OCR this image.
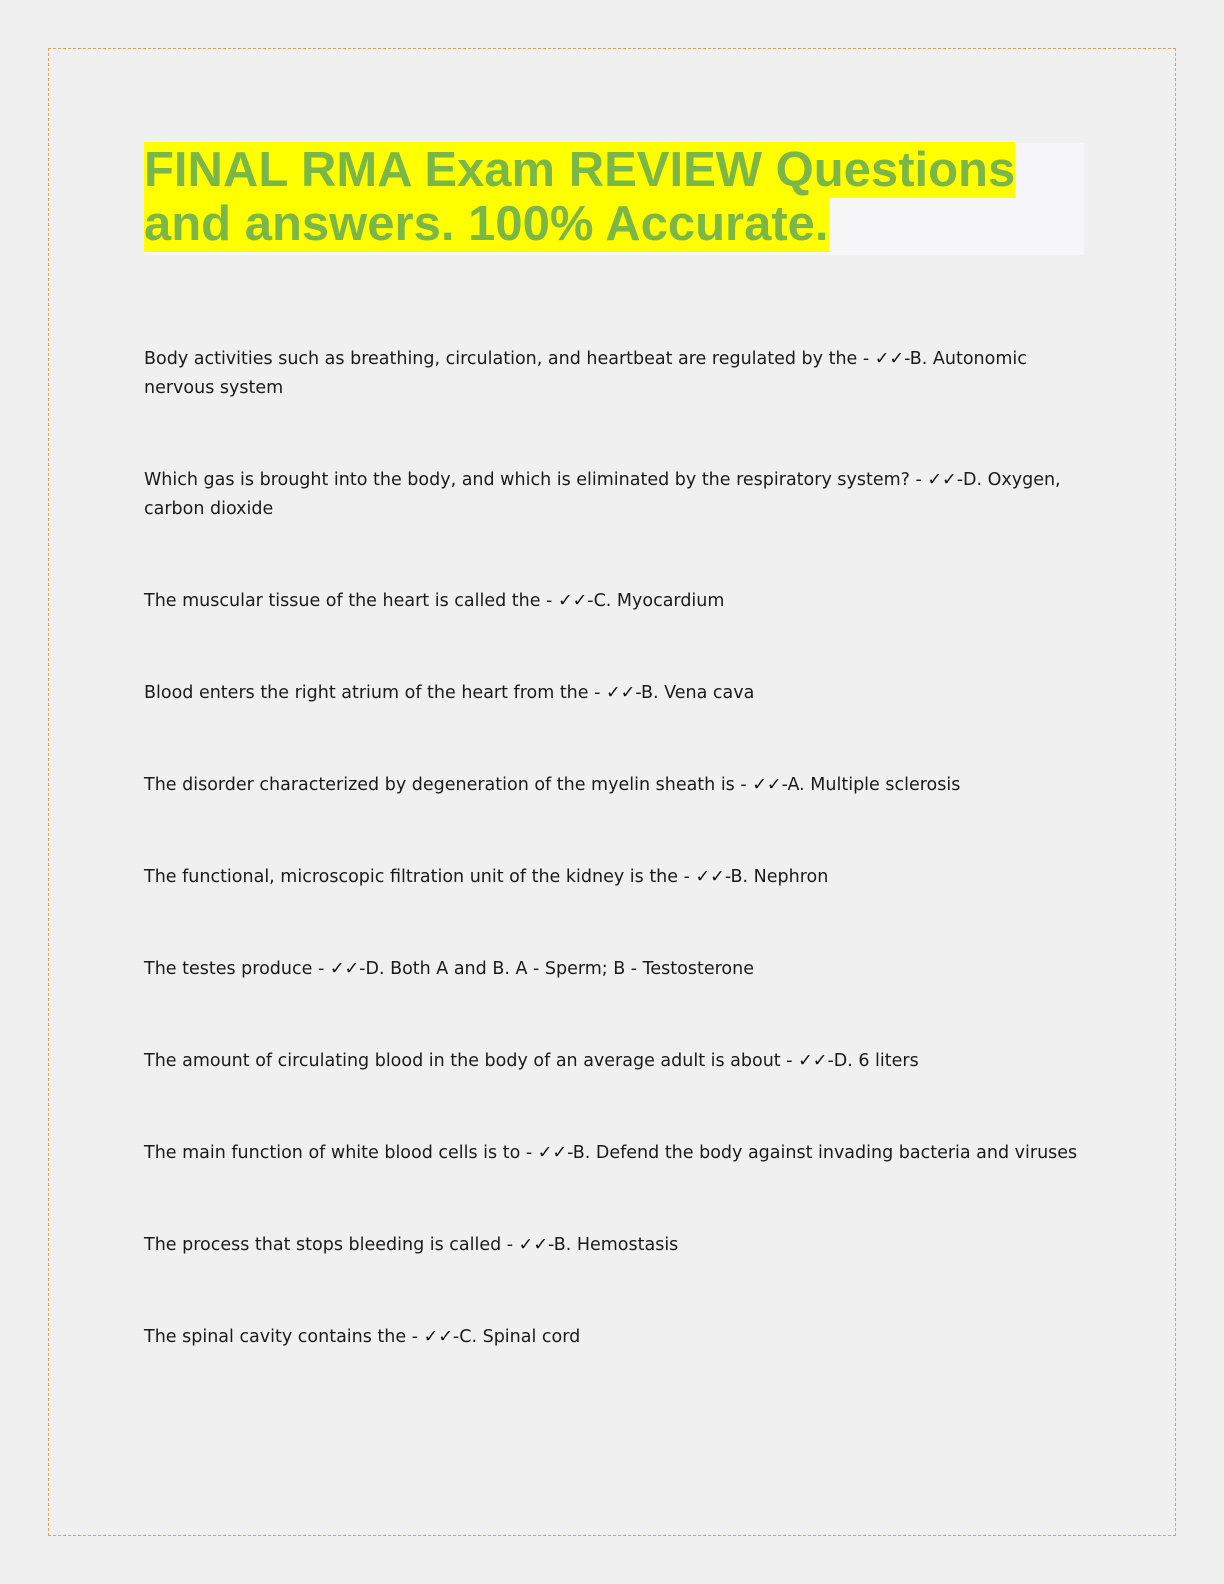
FINAL RMA Exam REVIEW Questions and answers. 100% Accurate.
Body activities such as breathing, circulation, and heartbeat are regulated by the - ✓✓-B. Autonomic nervous system
Which gas is brought into the body, and which is eliminated by the respiratory system? - ✓✓-D. Oxygen, carbon dioxide
The muscular tissue of the heart is called the - ✓✓-C. Myocardium
Blood enters the right atrium of the heart from the - ✓✓-B. Vena cava
The disorder characterized by degeneration of the myelin sheath is - ✓✓-A. Multiple sclerosis
The functional, microscopic filtration unit of the kidney is the - ✓✓-B. Nephron
The testes produce - ✓✓-D. Both A and B. A - Sperm; B - Testosterone
The amount of circulating blood in the body of an average adult is about - ✓✓-D. 6 liters
The main function of white blood cells is to - ✓✓-B. Defend the body against invading bacteria and viruses
The process that stops bleeding is called - ✓✓-B. Hemostasis
The spinal cavity contains the - ✓✓-C. Spinal cord
